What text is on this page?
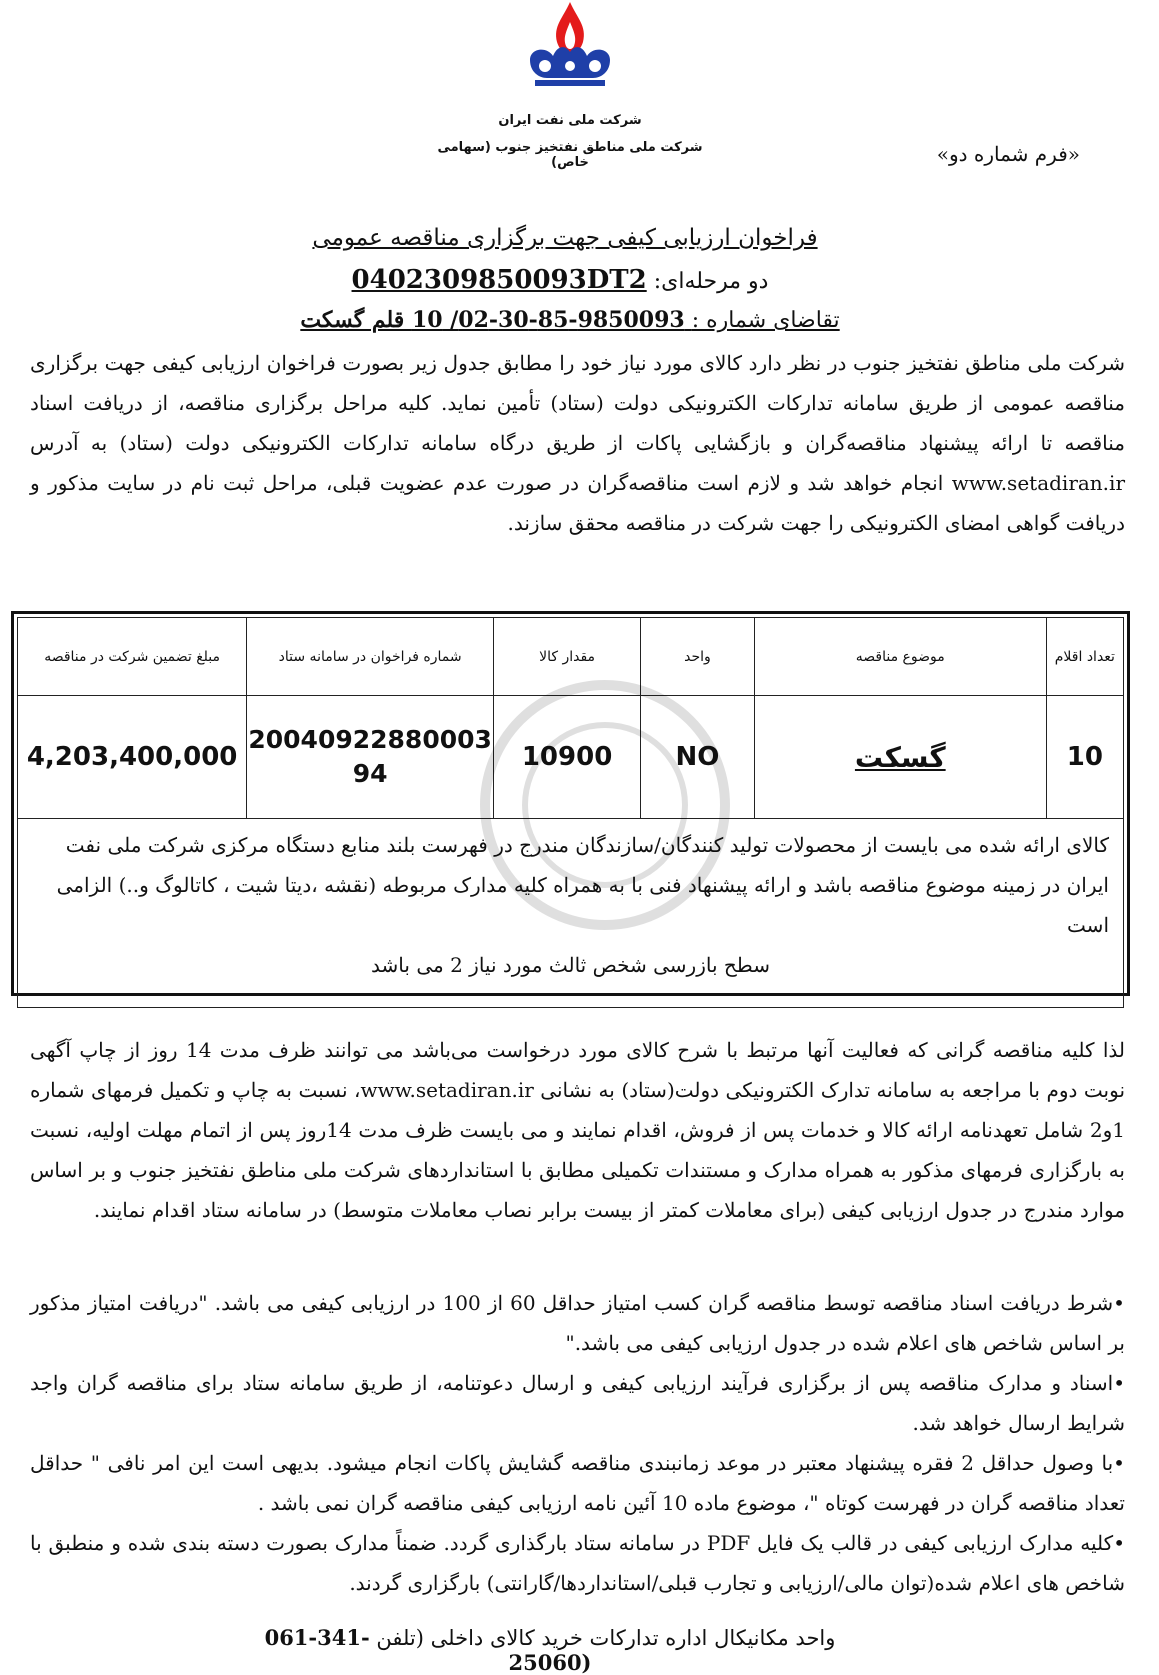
شرکت ملی نفت ایران
شرکت ملی مناطق نفتخیز جنوب (سهامی خاص)	«فرم شماره دو»
فراخوان ارزیابی کیفی جهت برگزاری مناقصه عمومی
دو مرحله‌ای: 0402309850093DT2
تقاضای شماره : 9850093-85-30-02/ 10 قلم گسکت
شرکت ملی مناطق نفتخیز جنوب در نظر دارد کالای مورد نیاز خود را مطابق جدول زیر بصورت فراخوان ارزیابی کیفی جهت برگزاری مناقصه عمومی از طریق سامانه تدارکات الکترونیکی دولت (ستاد) تأمین نماید. کلیه مراحل برگزاری مناقصه، از دریافت اسناد مناقصه تا ارائه پیشنهاد مناقصه‌گران و بازگشایی پاکات از طریق درگاه سامانه تدارکات الکترونیکی دولت (ستاد) به آدرس www.setadiran.ir انجام خواهد شد و لازم است مناقصه‌گران در صورت عدم عضویت قبلی، مراحل ثبت نام در سایت مذکور و دریافت گواهی امضای الکترونیکی را جهت شرکت در مناقصه محقق سازند.
تعداد اقلام	موضوع مناقصه	واحد	مقدار کالا	شماره فراخوان در سامانه ستاد	مبلغ تضمین شرکت در مناقصه
10	گسکت	NO	10900	2004092288000394	4,203,400,000

کالای ارائه شده می بایست از محصولات تولید کنندگان/سازندگان مندرج در فهرست بلند منابع دستگاه مرکزی شرکت ملی نفت ایران در زمینه موضوع مناقصه باشد و ارائه پیشنهاد فنی با به همراه کلیه مدارک مربوطه (نقشه ،دیتا شیت ، کاتالوگ و..) الزامی است
سطح بازرسی شخص ثالث مورد نیاز 2 می باشد					
لذا کلیه مناقصه گرانی که فعالیت آنها مرتبط با شرح کالای مورد درخواست می‌باشد می توانند ظرف مدت 14 روز از چاپ آگهی نوبت دوم با مراجعه به سامانه تدارک الکترونیکی دولت(ستاد) به نشانی www.setadiran.ir، نسبت به چاپ و تکمیل فرمهای شماره 1و2 شامل تعهدنامه ارائه کالا و خدمات پس از فروش، اقدام نمایند و می بایست ظرف مدت 14روز پس از اتمام مهلت اولیه، نسبت به بارگزاری فرمهای مذکور به همراه مدارک و مستندات تکمیلی مطابق با استانداردهای شرکت ملی مناطق نفتخیز جنوب و بر اساس موارد مندرج در جدول ارزیابی کیفی (برای معاملات کمتر از بیست برابر نصاب معاملات متوسط) در سامانه ستاد اقدام نمایند.
•شرط دریافت اسناد مناقصه توسط مناقصه گران کسب امتیاز حداقل 60 از 100 در ارزیابی کیفی می باشد. "دریافت امتیاز مذکور بر اساس شاخص های اعلام شده در جدول ارزیابی کیفی می باشد."
•اسناد و مدارک مناقصه پس از برگزاری فرآیند ارزیابی کیفی و ارسال دعوتنامه، از طریق سامانه ستاد برای مناقصه گران واجد شرایط ارسال خواهد شد.
•با وصول حداقل 2 فقره پیشنهاد معتبر در موعد زمانبندی مناقصه گشایش پاکات انجام میشود. بدیهی است این امر نافی " حداقل تعداد مناقصه گران در فهرست کوتاه "، موضوع ماده 10 آئین نامه ارزیابی کیفی مناقصه گران نمی باشد .
•کلیه مدارک ارزیابی کیفی در قالب یک فایل PDF در سامانه ستاد بارگذاری گردد. ضمناً مدارک بصورت دسته بندی شده و منطبق با شاخص های اعلام شده(توان مالی/ارزیابی و تجارب قبلی/استانداردها/گارانتی) بارگزاری گردند.
واحد مکانیکال اداره تدارکات خرید کالای داخلی (تلفن 061-341-25060)
